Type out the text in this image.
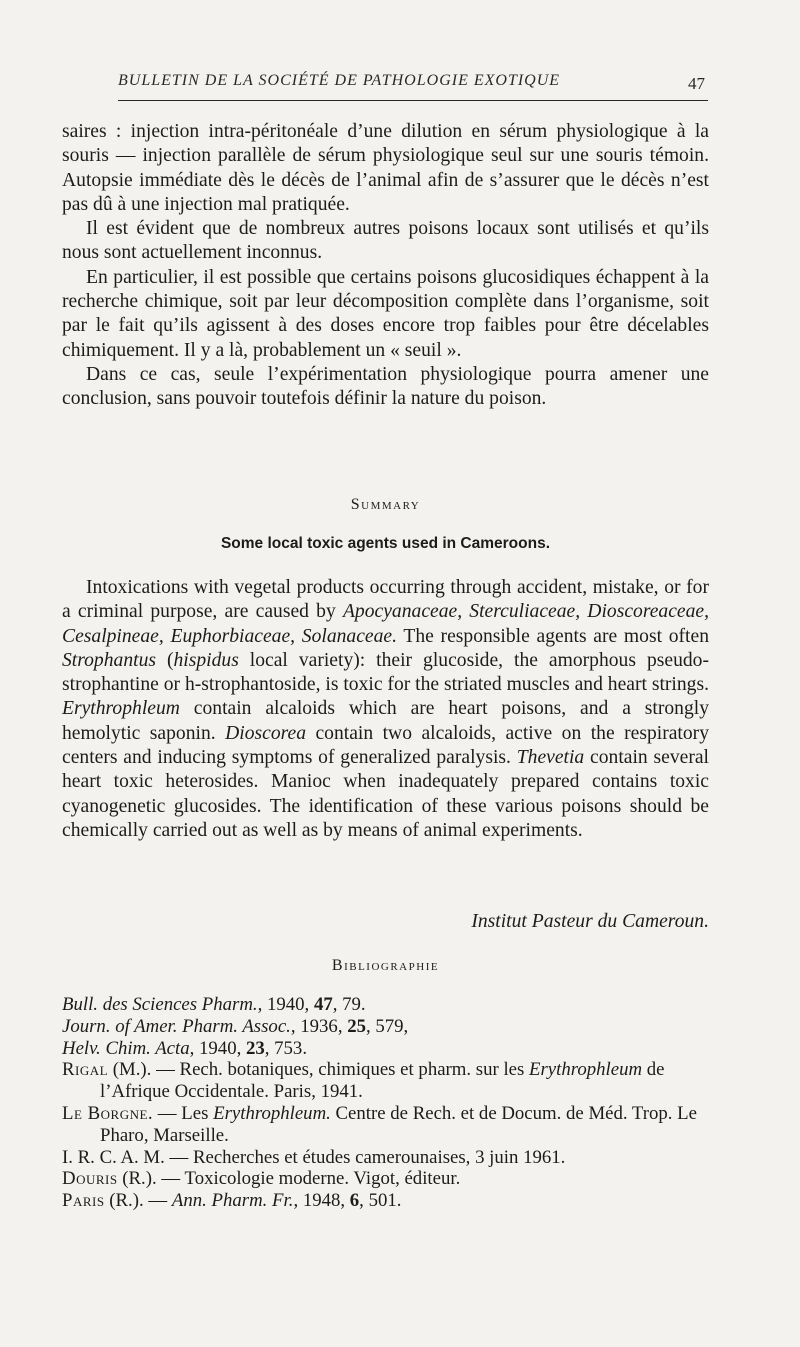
BULLETIN DE LA SOCIÉTÉ DE PATHOLOGIE EXOTIQUE	47

saires : injection intra-péritonéale d’une dilution en sérum physiologique à la souris — injection parallèle de sérum physiologique seul sur une souris témoin. Autopsie immédiate dès le décès de l’animal afin de s’assurer que le décès n’est pas dû à une injection mal pratiquée.

Il est évident que de nombreux autres poisons locaux sont utilisés et qu’ils nous sont actuellement inconnus.

En particulier, il est possible que certains poisons glucosidiques échappent à la recherche chimique, soit par leur décomposition complète dans l’organisme, soit par le fait qu’ils agissent à des doses encore trop faibles pour être décelables chimiquement. Il y a là, probablement un « seuil ».

Dans ce cas, seule l’expérimentation physiologique pourra amener une conclusion, sans pouvoir toutefois définir la nature du poison.

Summary
Some local toxic agents used in Cameroons.
Intoxications with vegetal products occurring through accident, mistake, or for a criminal purpose, are caused by Apocyanaceae, Sterculiaceae, Dioscoreaceae, Cesalpineae, Euphorbiaceae, Solanaceae. The responsible agents are most often Strophantus (hispidus local variety): their glucoside, the amorphous pseudo-strophantine or h-strophantoside, is toxic for the striated muscles and heart strings. Erythrophleum contain alcaloids which are heart poisons, and a strongly hemolytic saponin. Dioscorea contain two alcaloids, active on the respiratory centers and inducing symptoms of generalized paralysis. Thevetia contain several heart toxic heterosides. Manioc when inadequately prepared contains toxic cyanogenetic glucosides. The identification of these various poisons should be chemically carried out as well as by means of animal experiments.
Institut Pasteur du Cameroun.
Bibliographie

Bull. des Sciences Pharm., 1940, 47, 79.

Journ. of Amer. Pharm. Assoc., 1936, 25, 579,

Helv. Chim. Acta, 1940, 23, 753.

Rigal (M.). — Rech. botaniques, chimiques et pharm. sur les Erythrophleum de l’Afrique Occidentale. Paris, 1941.

Le Borgne. — Les Erythrophleum. Centre de Rech. et de Docum. de Méd. Trop. Le Pharo, Marseille.

I. R. C. A. M. — Recherches et études camerounaises, 3 juin 1961.

Douris (R.). — Toxicologie moderne. Vigot, éditeur.

Paris (R.). — Ann. Pharm. Fr., 1948, 6, 501.
